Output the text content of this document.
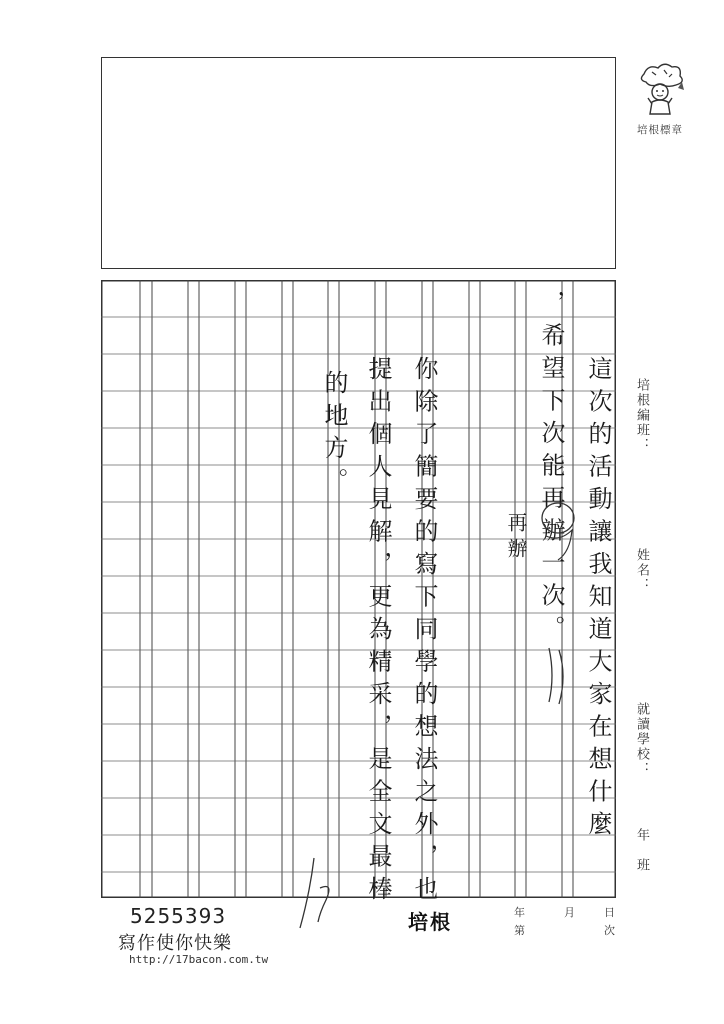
培根標章
培根編班：
姓名：
就讀學校：
年　班
這次的活動讓我知道大家在想什麼
，希望下次能再辦一次。
再辦
你除了簡要的寫下同學的想法之外，也
提出個人見解，更為精采，是全文最棒
的地方。
5255393
寫作使你快樂
http://17bacon.com.tw
培根	年	月	日
第	次
